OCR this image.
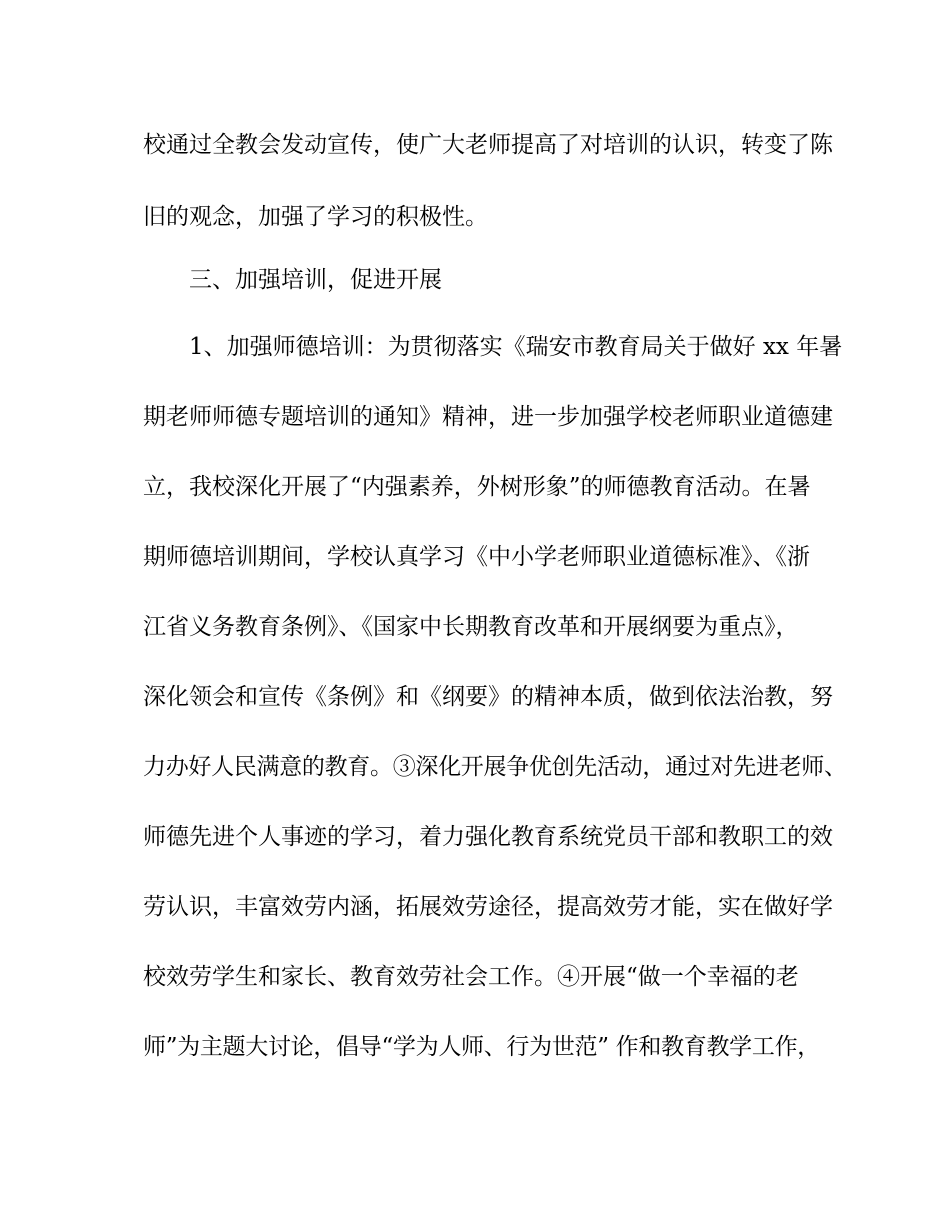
校通过全教会发动宣传，使广大老师提高了对培训的认识，转变了陈
旧的观念，加强了学习的积极性。
三、加强培训，促进开展
1、加强师德培训：为贯彻落实《瑞安市教育局关于做好 xx 年暑
期老师师德专题培训的通知》精神，进一步加强学校老师职业道德建
立，我校深化开展了“内强素养，外树形象”的师德教育活动。在暑
期师德培训期间，学校认真学习《中小学老师职业道德标准》、《浙
江省义务教育条例》、《国家中长期教育改革和开展纲要为重点》，
深化领会和宣传《条例》和《纲要》的精神本质，做到依法治教，努
力办好人民满意的教育。③深化开展争优创先活动，通过对先进老师、
师德先进个人事迹的学习，着力强化教育系统党员干部和教职工的效
劳认识，丰富效劳内涵，拓展效劳途径，提高效劳才能，实在做好学
校效劳学生和家长、教育效劳社会工作。④开展“做一个幸福的老
师”为主题大讨论，倡导“学为人师、行为世范” 作和教育教学工作，
